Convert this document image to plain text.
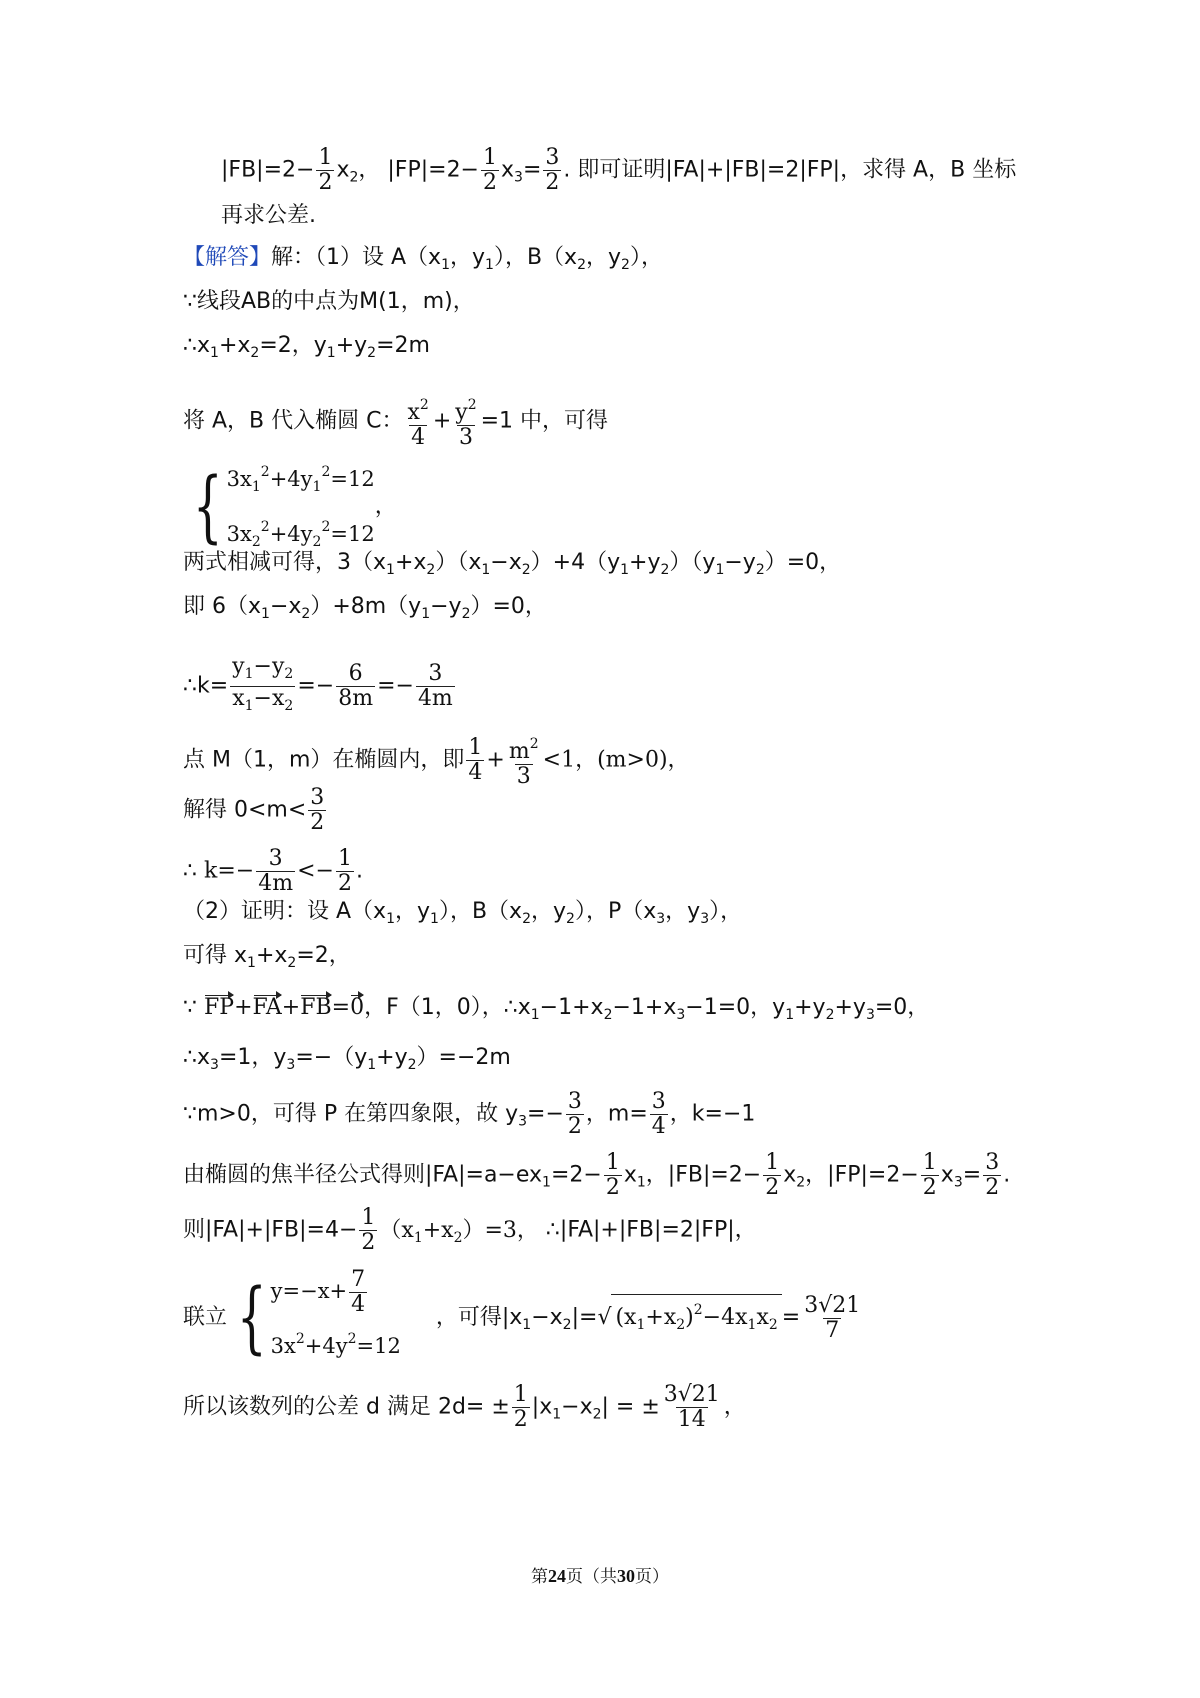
$|FB|=2- \frac{1}{2} x_2$， $|FP|=2- \frac{1}{2} x_3= \frac{3}{2}$ . 即可证明|FA|+|FB|=2|FP|，求得 A，B 坐标
再求公差.
【解答】解：（1）设 $A(x_1$，$y_1$），$B(x_2$，$y_2$），
∵线段AB的中点为M(1，m)，
$\therefore x_1+x_2=2$，$y_1+y_2=2m$
将 A，B 代入椭圆 C： $\frac{x^2}{4} + \frac{y^2}{3} =1$ 中，可得
{ $3x_1^2+4y_1^2=12$
$3x_2^2+4y_2^2=12$
，
两式相减可得，$3(x_1+x_2)(x_1-x_2)+4(y_1+y_2)(y_1-y_2)=0$，
即 $6(x_1-x_2)+8m(y_1-y_2)=0$，
∴k= $\frac{y_1-y_2}{x_1-x_2} =- \frac{6}{8m} =- \frac{3}{4m}$
点 M（1，m）在椭圆内，即 $\frac{1}{4} + \frac{m^2}{3} <1$，(m>0)，
解得 $0<m< \frac{3}{2}$
∴ $k=- \frac{3}{4m} <- \frac{1}{2}$ .
（2）证明：设 $A(x_1$，$y_1$），$B(x_2$，$y_2$），$P(x_3$，$y_3$），
可得 $x_1+x_2=2$，
∵ FP+FA+FB=0，F（1，0），$\therefore x_1-1+x_2-1+x_3-1=0$，$y_1+y_2+y_3=0$，
$\therefore x_3=1$，$y_3=-(y_1+y_2)=-2m$
∵m>0，可得 P 在第四象限，故 $y_3=- \frac{3}{2}$ ，$m= \frac{3}{4}$ ，k=−1
由椭圆的焦半径公式得则$|FA|=a-ex_1=2- \frac{1}{2} x_1$，$|FB|=2- \frac{1}{2} x_2$，$|FP|=2- \frac{1}{2} x_3= \frac{3}{2}$ .
则$|FA|+|FB|=4- \frac{1}{2} (x_1+x_2)=3$， ∴|FA|+|FB|=2|FP|，
联立 { $y=-x+ \frac{7}{4}$
$3x^2+4y^2=12$
，可得$|x_1-x_2|=√$ $(x_1+x_2)^2-4x_1x_2 = \frac{3√21}{7}$
所以该数列的公差 d 满足 $2d= \pm \frac{1}{2} |x_1-x_2|$ = ± $\frac{3√21}{14}$ ，
第24页（共30页）
